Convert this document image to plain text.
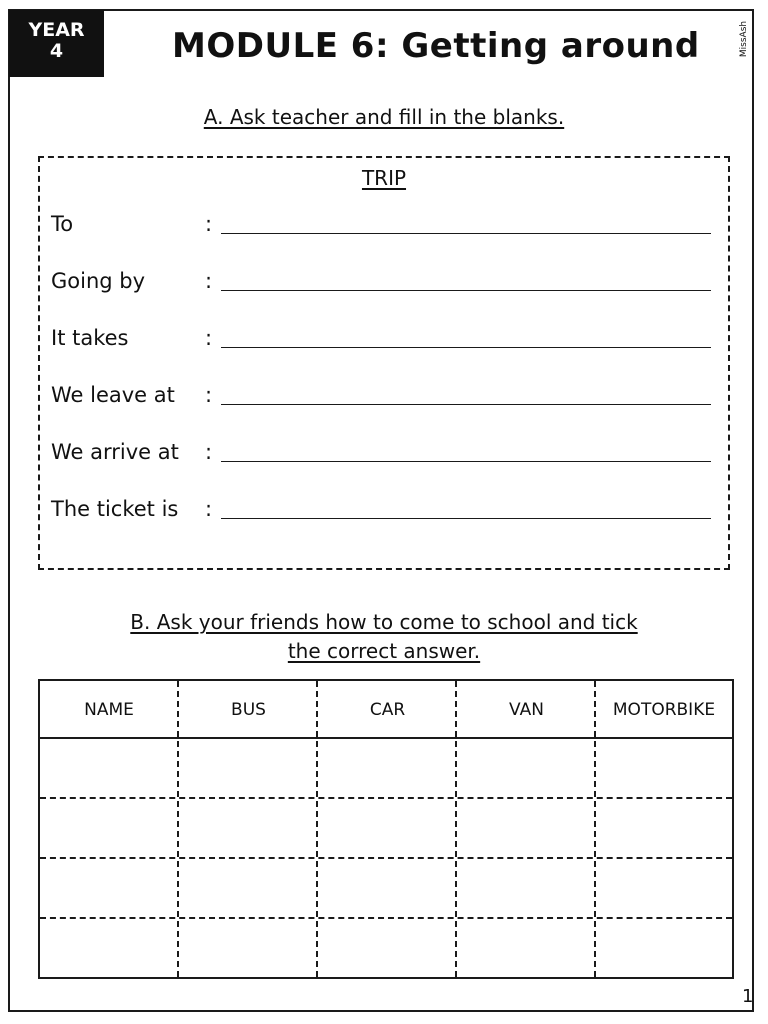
YEAR
4	MODULE 6: Getting around	MissAsh
A. Ask teacher and fill in the blanks.
TRIP
To	:
Going by	:
It takes	:
We leave at :
We arrive at :
The ticket is :
B. Ask your friends how to come to school and tick
the correct answer.
NAME	BUS	CAR	VAN	MOTORBIKE
1
